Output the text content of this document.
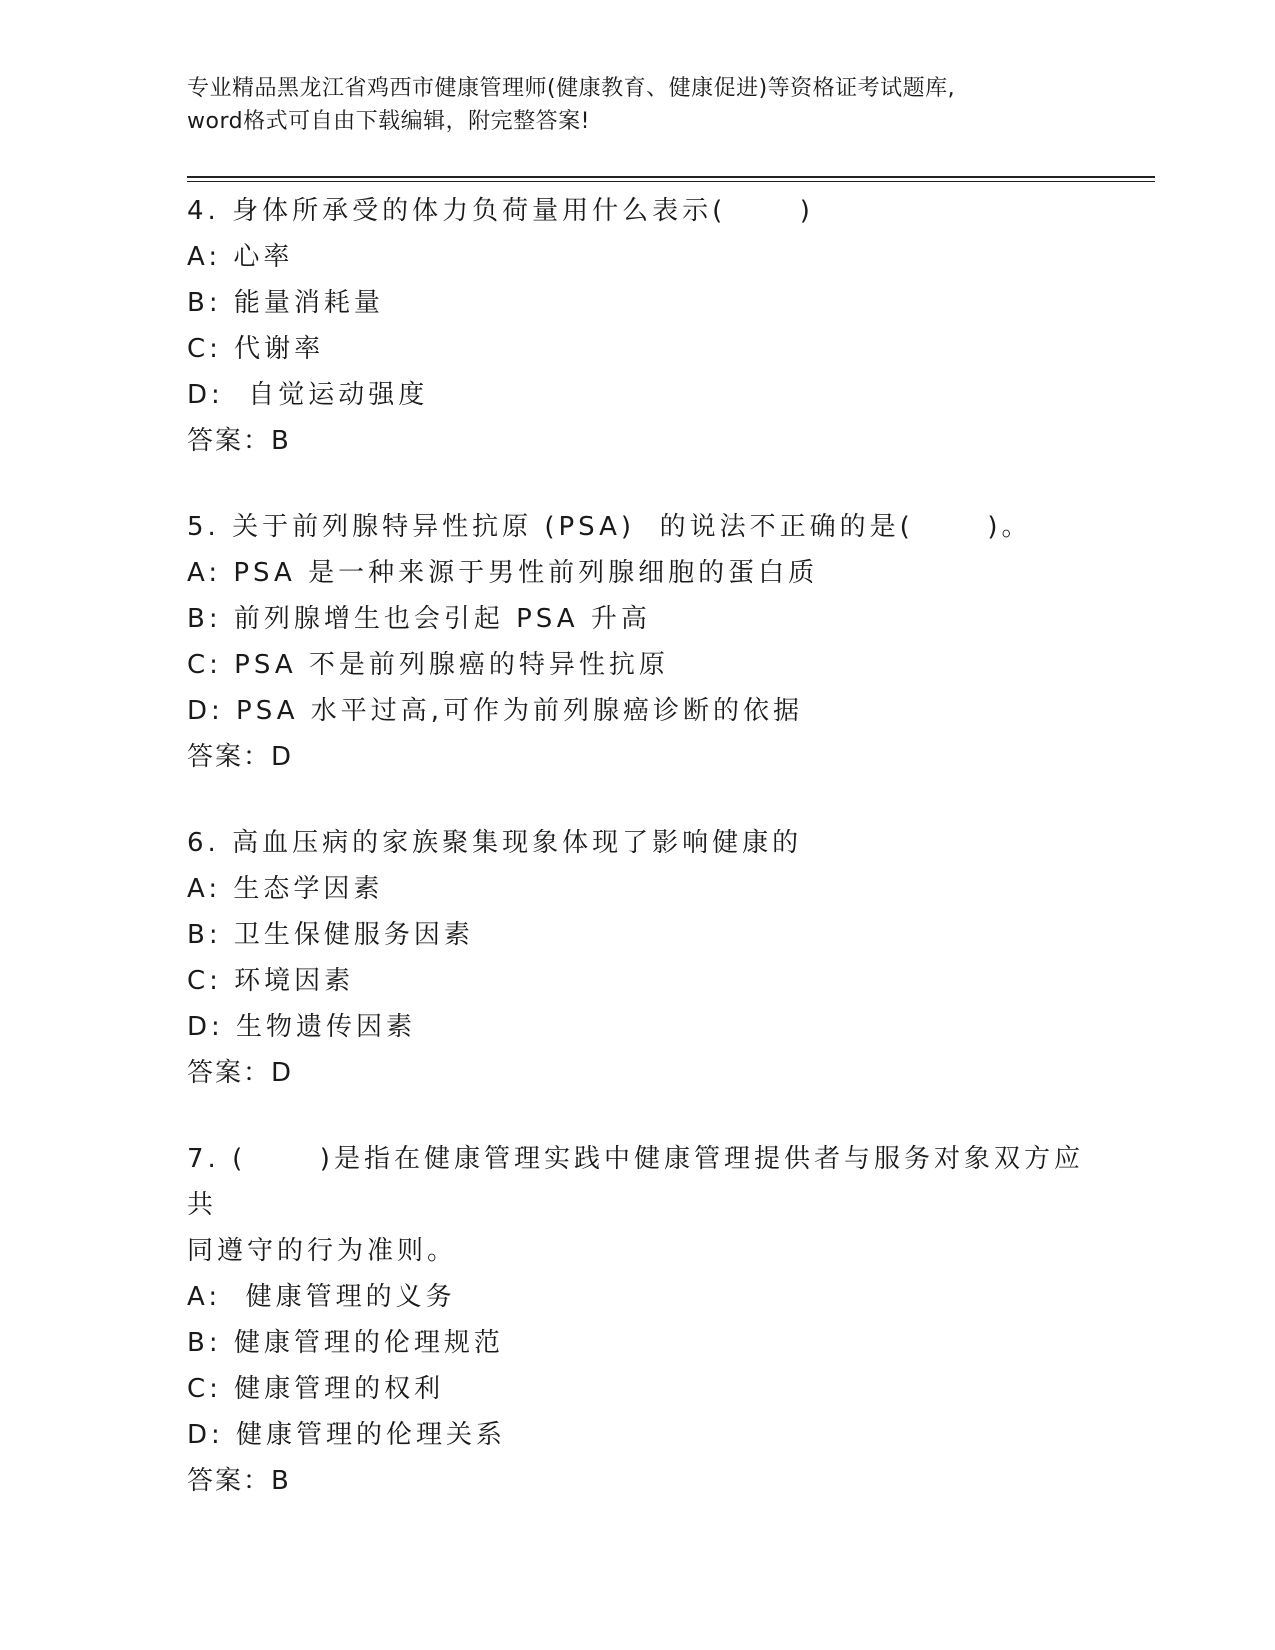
专业精品黑龙江省鸡西市健康管理师(健康教育、健康促进)等资格证考试题库,
word格式可自由下载编辑，附完整答案!
4. 身体所承受的体力负荷量用什么表示(      )
A: 心率
B: 能量消耗量
C: 代谢率
D:  自觉运动强度
答案：B
5. 关于前列腺特异性抗原 (PSA)  的说法不正确的是(      )。
A: PSA 是一种来源于男性前列腺细胞的蛋白质
B: 前列腺增生也会引起 PSA 升高
C: PSA 不是前列腺癌的特异性抗原
D: PSA 水平过高,可作为前列腺癌诊断的依据
答案：D
6. 高血压病的家族聚集现象体现了影响健康的
A: 生态学因素
B: 卫生保健服务因素
C: 环境因素
D: 生物遗传因素
答案：D
7. (      )是指在健康管理实践中健康管理提供者与服务对象双方应共
同遵守的行为准则。
A:  健康管理的义务
B: 健康管理的伦理规范
C: 健康管理的权利
D: 健康管理的伦理关系
答案：B
